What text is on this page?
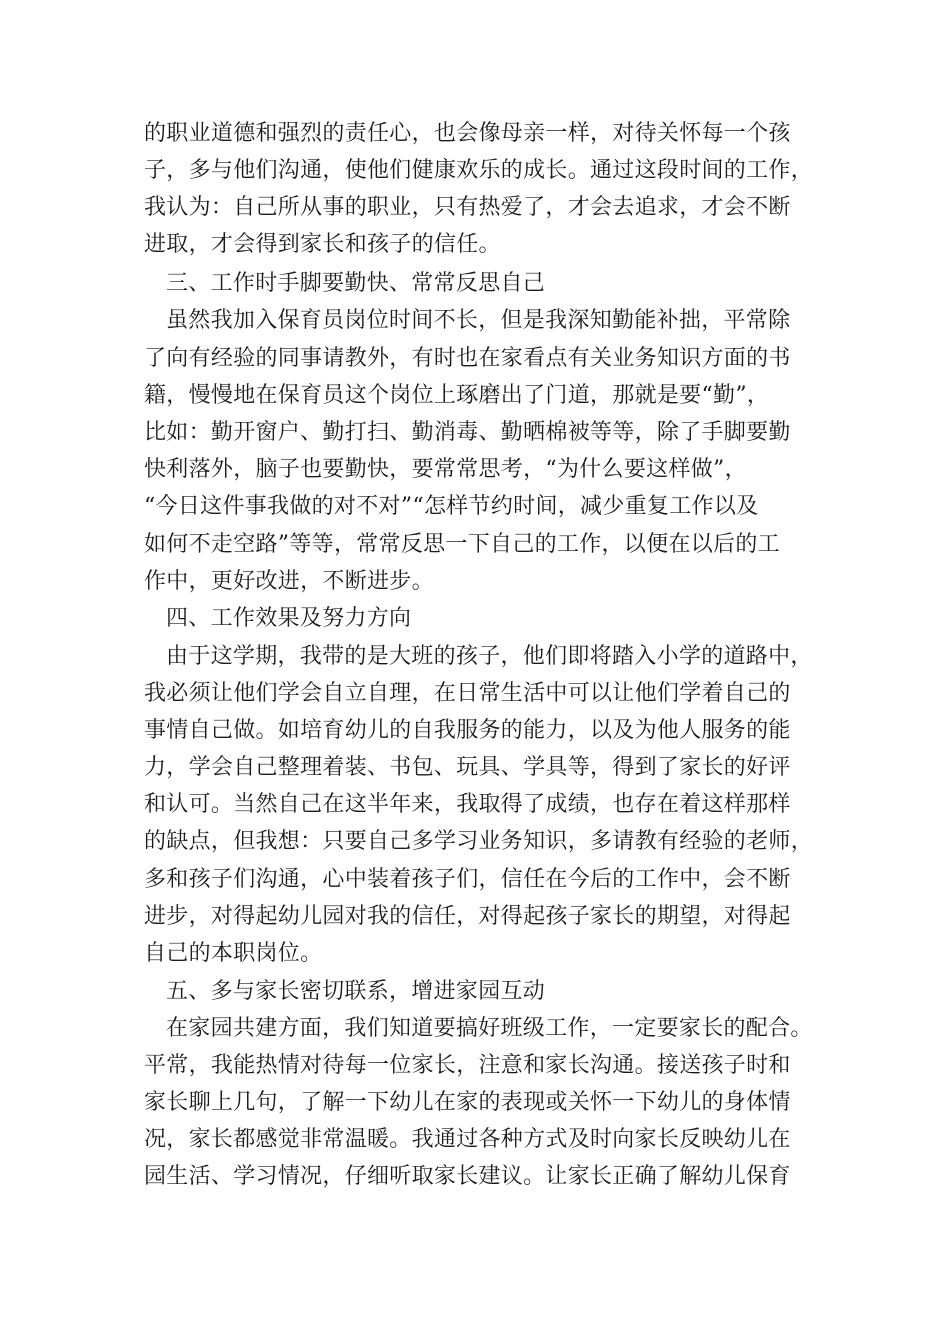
的职业道德和强烈的责任心，也会像母亲一样，对待关怀每一个孩
子，多与他们沟通，使他们健康欢乐的成长。通过这段时间的工作，
我认为：自己所从事的职业，只有热爱了，才会去追求，才会不断
进取，才会得到家长和孩子的信任。
三、工作时手脚要勤快、常常反思自己
虽然我加入保育员岗位时间不长，但是我深知勤能补拙，平常除
了向有经验的同事请教外，有时也在家看点有关业务知识方面的书
籍，慢慢地在保育员这个岗位上琢磨出了门道，那就是要“勤”，
比如：勤开窗户、勤打扫、勤消毒、勤晒棉被等等，除了手脚要勤
快利落外，脑子也要勤快，要常常思考，“为什么要这样做”，
“今日这件事我做的对不对”“怎样节约时间，减少重复工作以及
如何不走空路”等等，常常反思一下自己的工作，以便在以后的工
作中，更好改进，不断进步。
四、工作效果及努力方向
由于这学期，我带的是大班的孩子，他们即将踏入小学的道路中，
我必须让他们学会自立自理，在日常生活中可以让他们学着自己的
事情自己做。如培育幼儿的自我服务的能力，以及为他人服务的能
力，学会自己整理着装、书包、玩具、学具等，得到了家长的好评
和认可。当然自己在这半年来，我取得了成绩，也存在着这样那样
的缺点，但我想：只要自己多学习业务知识，多请教有经验的老师，
多和孩子们沟通，心中装着孩子们，信任在今后的工作中，会不断
进步，对得起幼儿园对我的信任，对得起孩子家长的期望，对得起
自己的本职岗位。
五、多与家长密切联系，增进家园互动
在家园共建方面，我们知道要搞好班级工作，一定要家长的配合。
平常，我能热情对待每一位家长，注意和家长沟通。接送孩子时和
家长聊上几句，了解一下幼儿在家的表现或关怀一下幼儿的身体情
况，家长都感觉非常温暖。我通过各种方式及时向家长反映幼儿在
园生活、学习情况，仔细听取家长建议。让家长正确了解幼儿保育
